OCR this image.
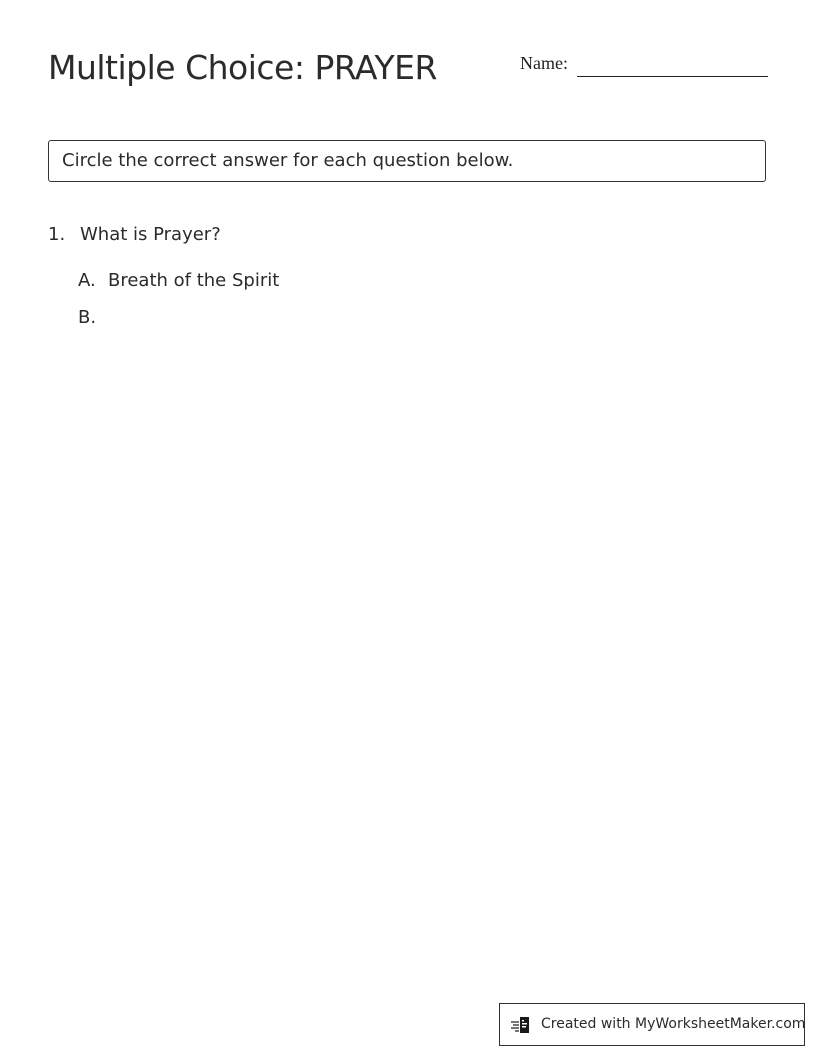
Multiple Choice: PRAYER	Name:
Circle the correct answer for each question below.
1. What is Prayer?
A. Breath of the Spirit
B.
Created with MyWorksheetMaker.com
